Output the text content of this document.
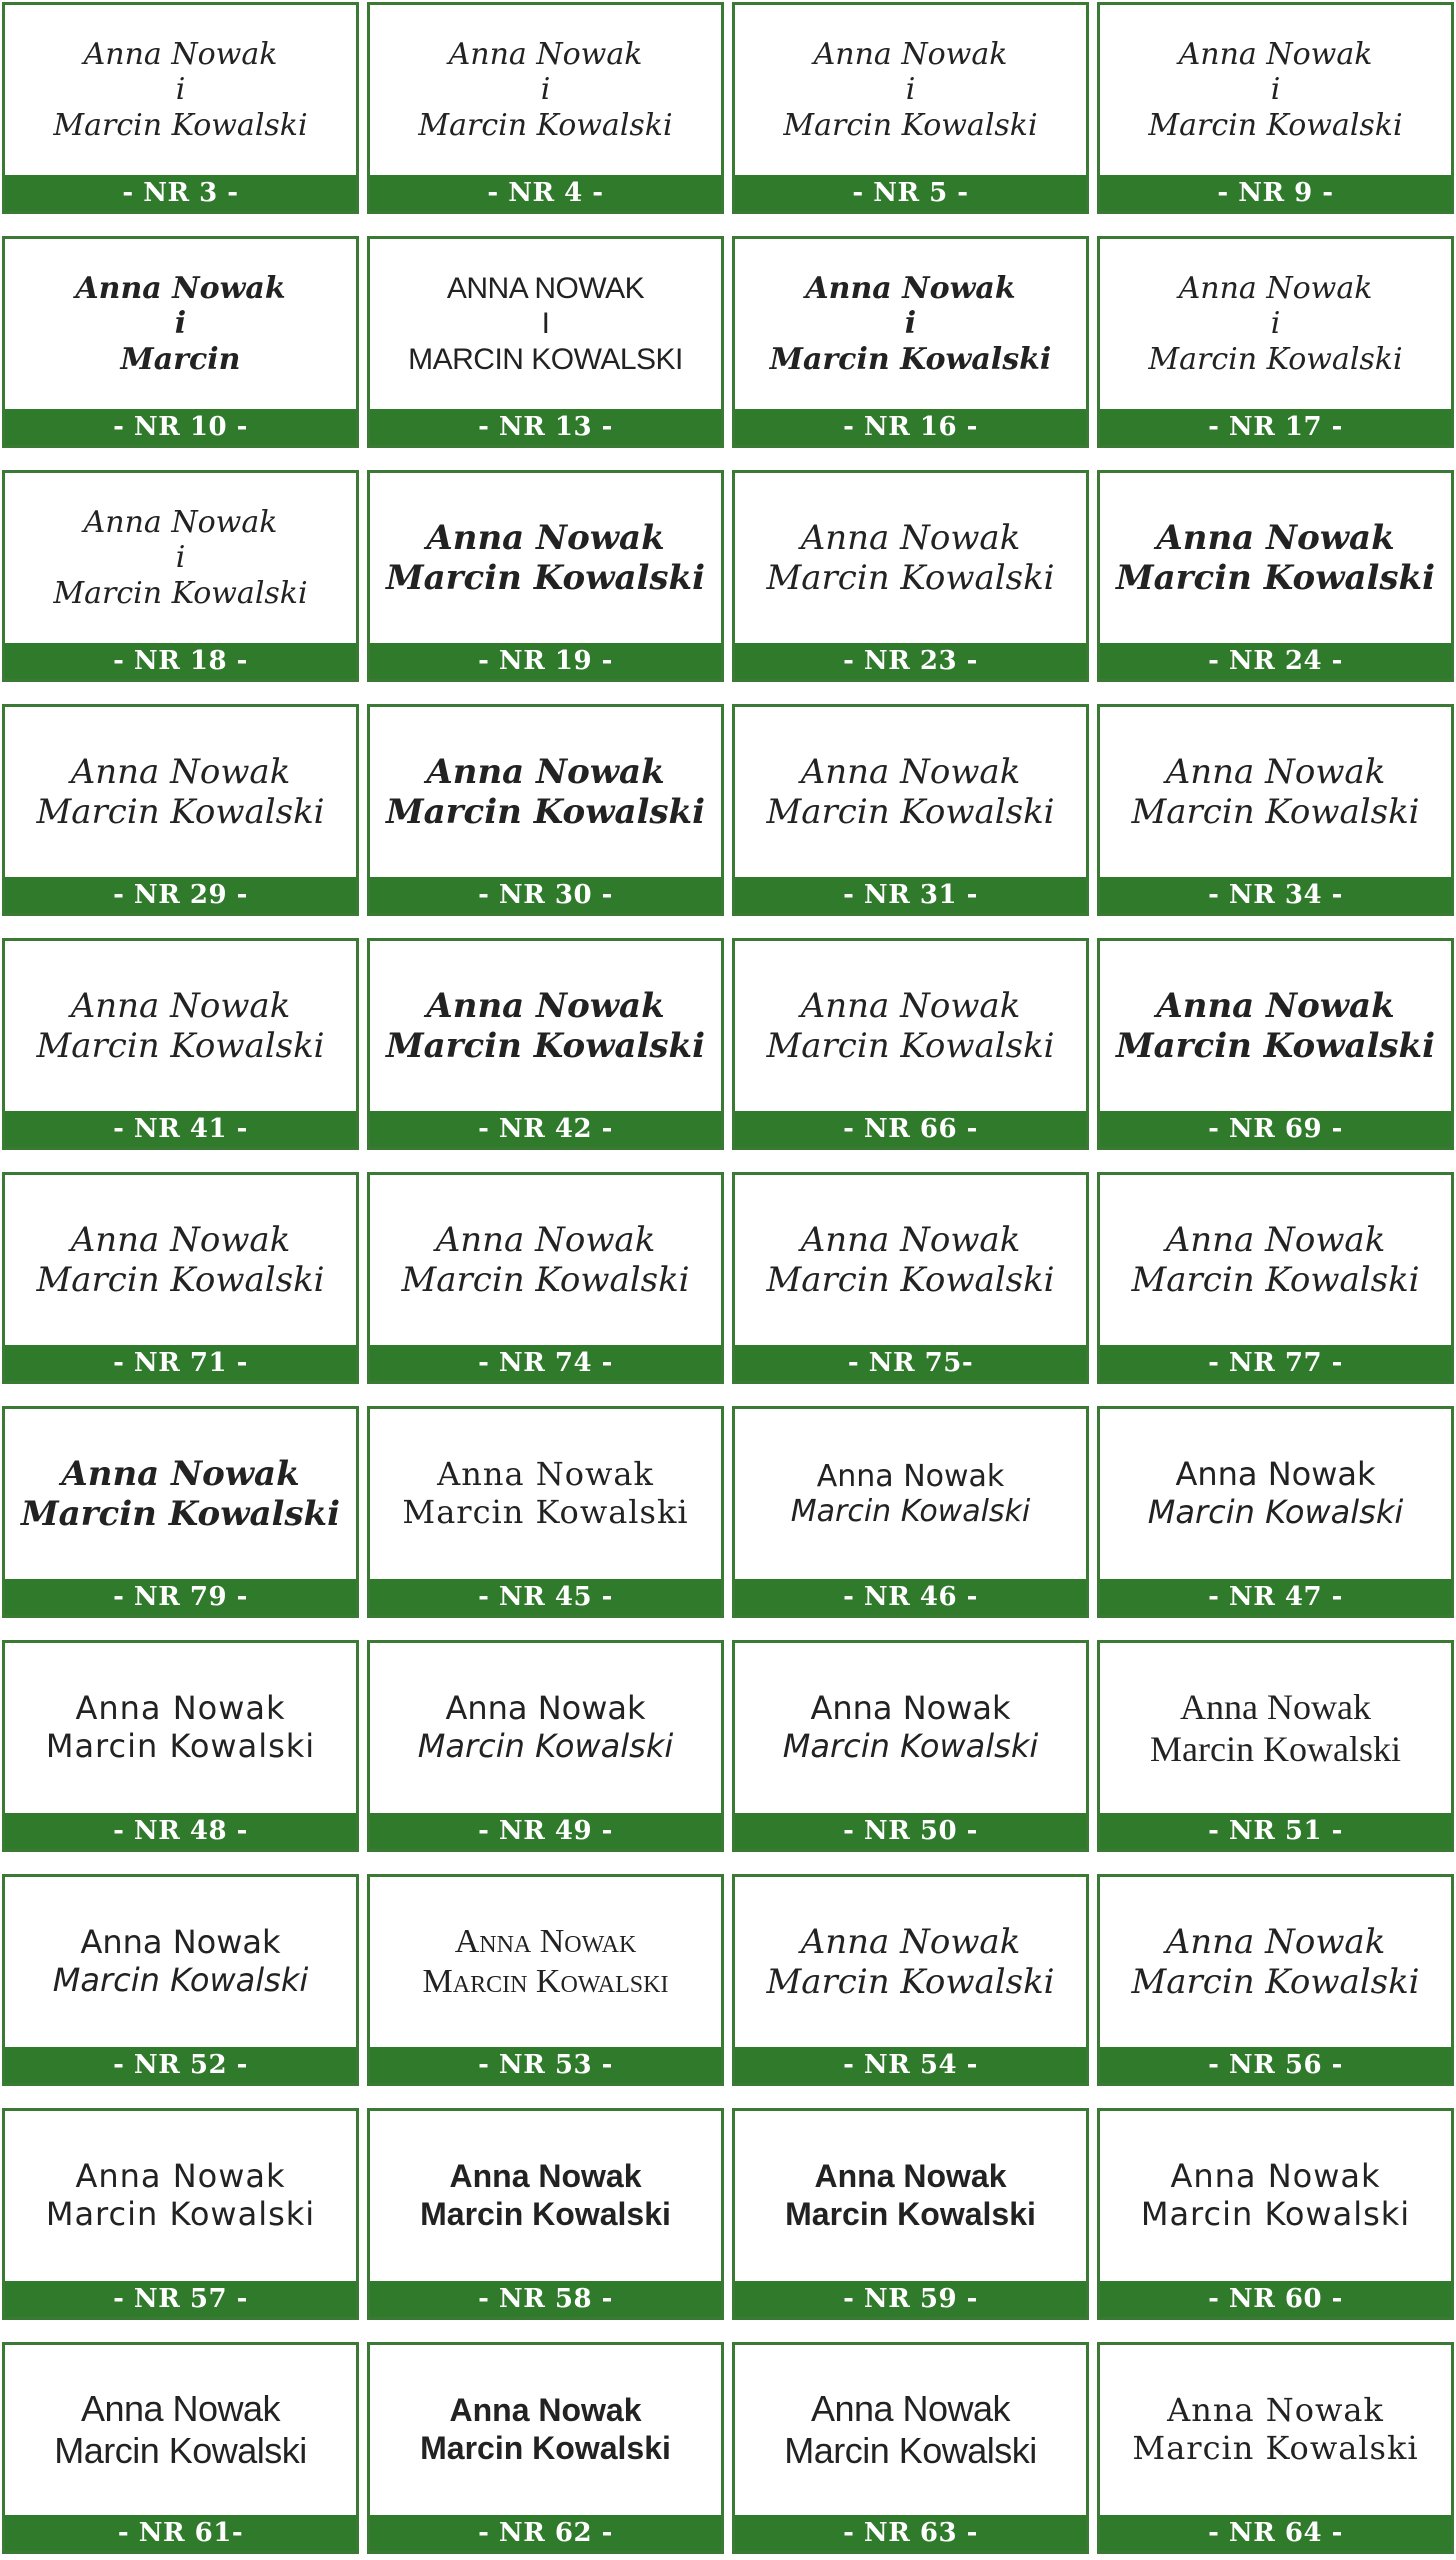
Anna Nowak
i
Marcin Kowalski
- NR 3 -
Anna Nowak
i
Marcin Kowalski
- NR 4 -
Anna Nowak
i
Marcin Kowalski
- NR 5 -
Anna Nowak
i
Marcin Kowalski
- NR 9 -
Anna Nowak
i
Marcin
- NR 10 -
ANNA NOWAK
I
MARCIN KOWALSKI
- NR 13 -
Anna Nowak
i
Marcin Kowalski
- NR 16 -
Anna Nowak
i
Marcin Kowalski
- NR 17 -
Anna Nowak
i
Marcin Kowalski
- NR 18 -
Anna Nowak
Marcin Kowalski
- NR 19 -
Anna Nowak
Marcin Kowalski
- NR 23 -
Anna Nowak
Marcin Kowalski
- NR 24 -
Anna Nowak
Marcin Kowalski
- NR 29 -
Anna Nowak
Marcin Kowalski
- NR 30 -
Anna Nowak
Marcin Kowalski
- NR 31 -
Anna Nowak
Marcin Kowalski
- NR 34 -
Anna Nowak
Marcin Kowalski
- NR 41 -
Anna Nowak
Marcin Kowalski
- NR 42 -
Anna Nowak
Marcin Kowalski
- NR 66 -
Anna Nowak
Marcin Kowalski
- NR 69 -
Anna Nowak
Marcin Kowalski
- NR 71 -
Anna Nowak
Marcin Kowalski
- NR 74 -
Anna Nowak
Marcin Kowalski
- NR 75-
Anna Nowak
Marcin Kowalski
- NR 77 -
Anna Nowak
Marcin Kowalski
- NR 79 -
Anna Nowak
Marcin Kowalski
- NR 45 -
Anna Nowak
Marcin Kowalski
- NR 46 -
Anna Nowak
Marcin Kowalski
- NR 47 -
Anna Nowak
Marcin Kowalski
- NR 48 -
Anna Nowak
Marcin Kowalski
- NR 49 -
Anna Nowak
Marcin Kowalski
- NR 50 -
Anna Nowak
Marcin Kowalski
- NR 51 -
Anna Nowak
Marcin Kowalski
- NR 52 -
Anna Nowak
Marcin Kowalski
- NR 53 -
Anna Nowak
Marcin Kowalski
- NR 54 -
Anna Nowak
Marcin Kowalski
- NR 56 -
Anna Nowak
Marcin Kowalski
- NR 57 -
Anna Nowak
Marcin Kowalski
- NR 58 -
Anna Nowak
Marcin Kowalski
- NR 59 -
Anna Nowak
Marcin Kowalski
- NR 60 -
Anna Nowak
Marcin Kowalski
- NR 61-
Anna Nowak
Marcin Kowalski
- NR 62 -
Anna Nowak
Marcin Kowalski
- NR 63 -
Anna Nowak
Marcin Kowalski
- NR 64 -
